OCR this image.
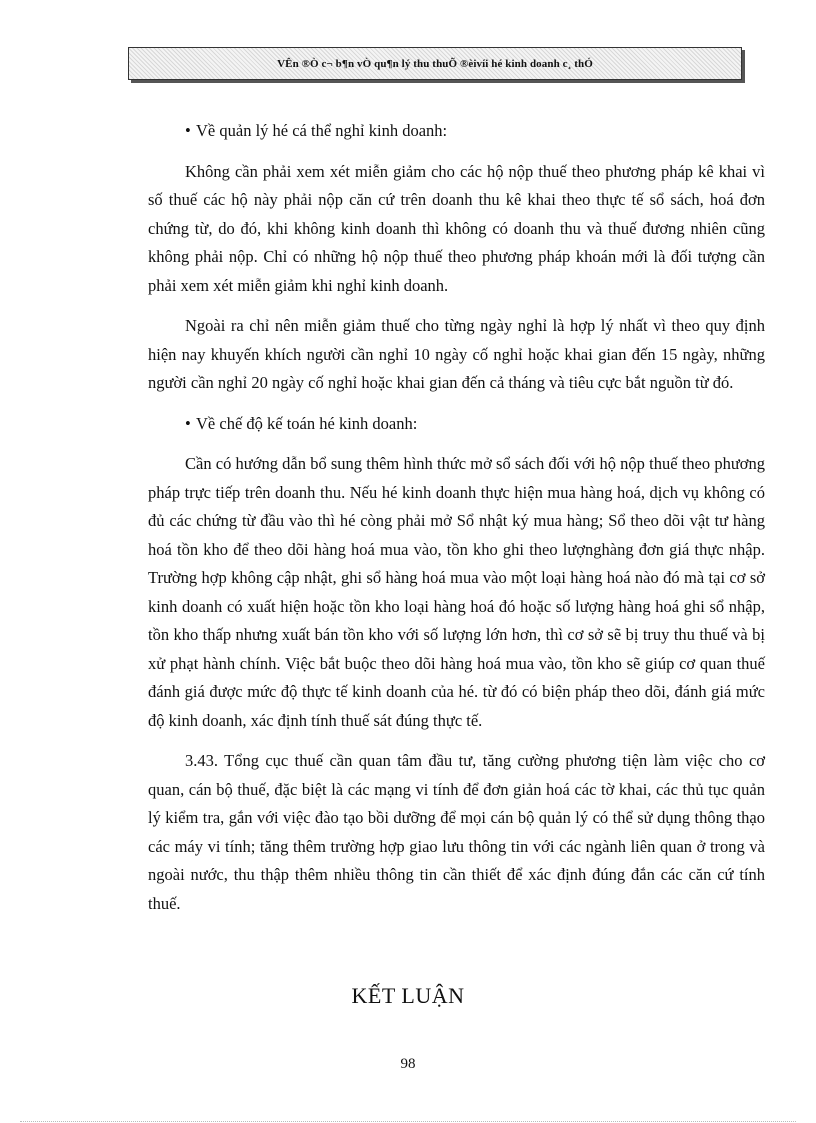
VÊn ®Ò c¬ b¶n vÒ qu¶n lý thu thuÕ ®èivíi hé kinh doanh c¸ thÓ

• Về quản lý hé cá thể nghỉ kinh doanh:

Không cần phải xem xét miễn giảm cho các hộ nộp thuế theo phương pháp kê khai vì số thuế các hộ này phải nộp căn cứ trên doanh thu kê khai theo thực tế sổ sách, hoá đơn chứng từ, do đó, khi không kinh doanh thì không có doanh thu và thuế đương nhiên cũng không phải nộp. Chỉ có những hộ nộp thuế theo phương pháp khoán mới là đối tượng cần phải xem xét miễn giảm khi nghỉ kinh doanh.

Ngoài ra chỉ nên miễn giảm thuế cho từng ngày nghỉ là hợp lý nhất vì theo quy định hiện nay khuyến khích người cần nghỉ 10 ngày cố nghỉ hoặc khai gian đến 15 ngày, những người cần nghỉ 20 ngày cố nghỉ hoặc khai gian đến cả tháng và tiêu cực bắt nguồn từ đó.

• Về chế độ kế toán hé kinh doanh:

Cần có hướng dẫn bổ sung thêm hình thức mở sổ sách đối với hộ nộp thuế theo phương pháp trực tiếp trên doanh thu. Nếu hé kinh doanh thực hiện mua hàng hoá, dịch vụ không có đủ các chứng từ đầu vào thì hé còng phải mở Sổ nhật ký mua hàng; Sổ theo dõi vật tư hàng hoá tồn kho để theo dõi hàng hoá mua vào, tồn kho ghi theo lượnghàng đơn giá thực nhập. Trường hợp không cập nhật, ghi sổ hàng hoá mua vào một loại hàng hoá nào đó mà tại cơ sở kinh doanh có xuất hiện hoặc tồn kho loại hàng hoá đó hoặc số lượng hàng hoá ghi sổ nhập, tồn kho thấp nhưng xuất bán tồn kho với số lượng lớn hơn, thì cơ sở sẽ bị truy thu thuế và bị xử phạt hành chính. Việc bắt buộc theo dõi hàng hoá mua vào, tồn kho sẽ giúp cơ quan thuế đánh giá được mức độ thực tế kinh doanh của hé. từ đó có biện pháp theo dõi, đánh giá mức độ kinh doanh, xác định tính thuế sát đúng thực tế.

3.43. Tổng cục thuế cần quan tâm đầu tư, tăng cường phương tiện làm việc cho cơ quan, cán bộ thuế, đặc biệt là các mạng vi tính để đơn giản hoá các tờ khai, các thủ tục quản lý kiểm tra, gắn với việc đào tạo bồi dưỡng để mọi cán bộ quản lý có thể sử dụng thông thạo các máy vi tính; tăng thêm trường hợp giao lưu thông tin với các ngành liên quan ở trong và ngoài nước, thu thập thêm nhiều thông tin cần thiết để xác định đúng đắn các căn cứ tính thuế.

KẾT LUẬN
98
